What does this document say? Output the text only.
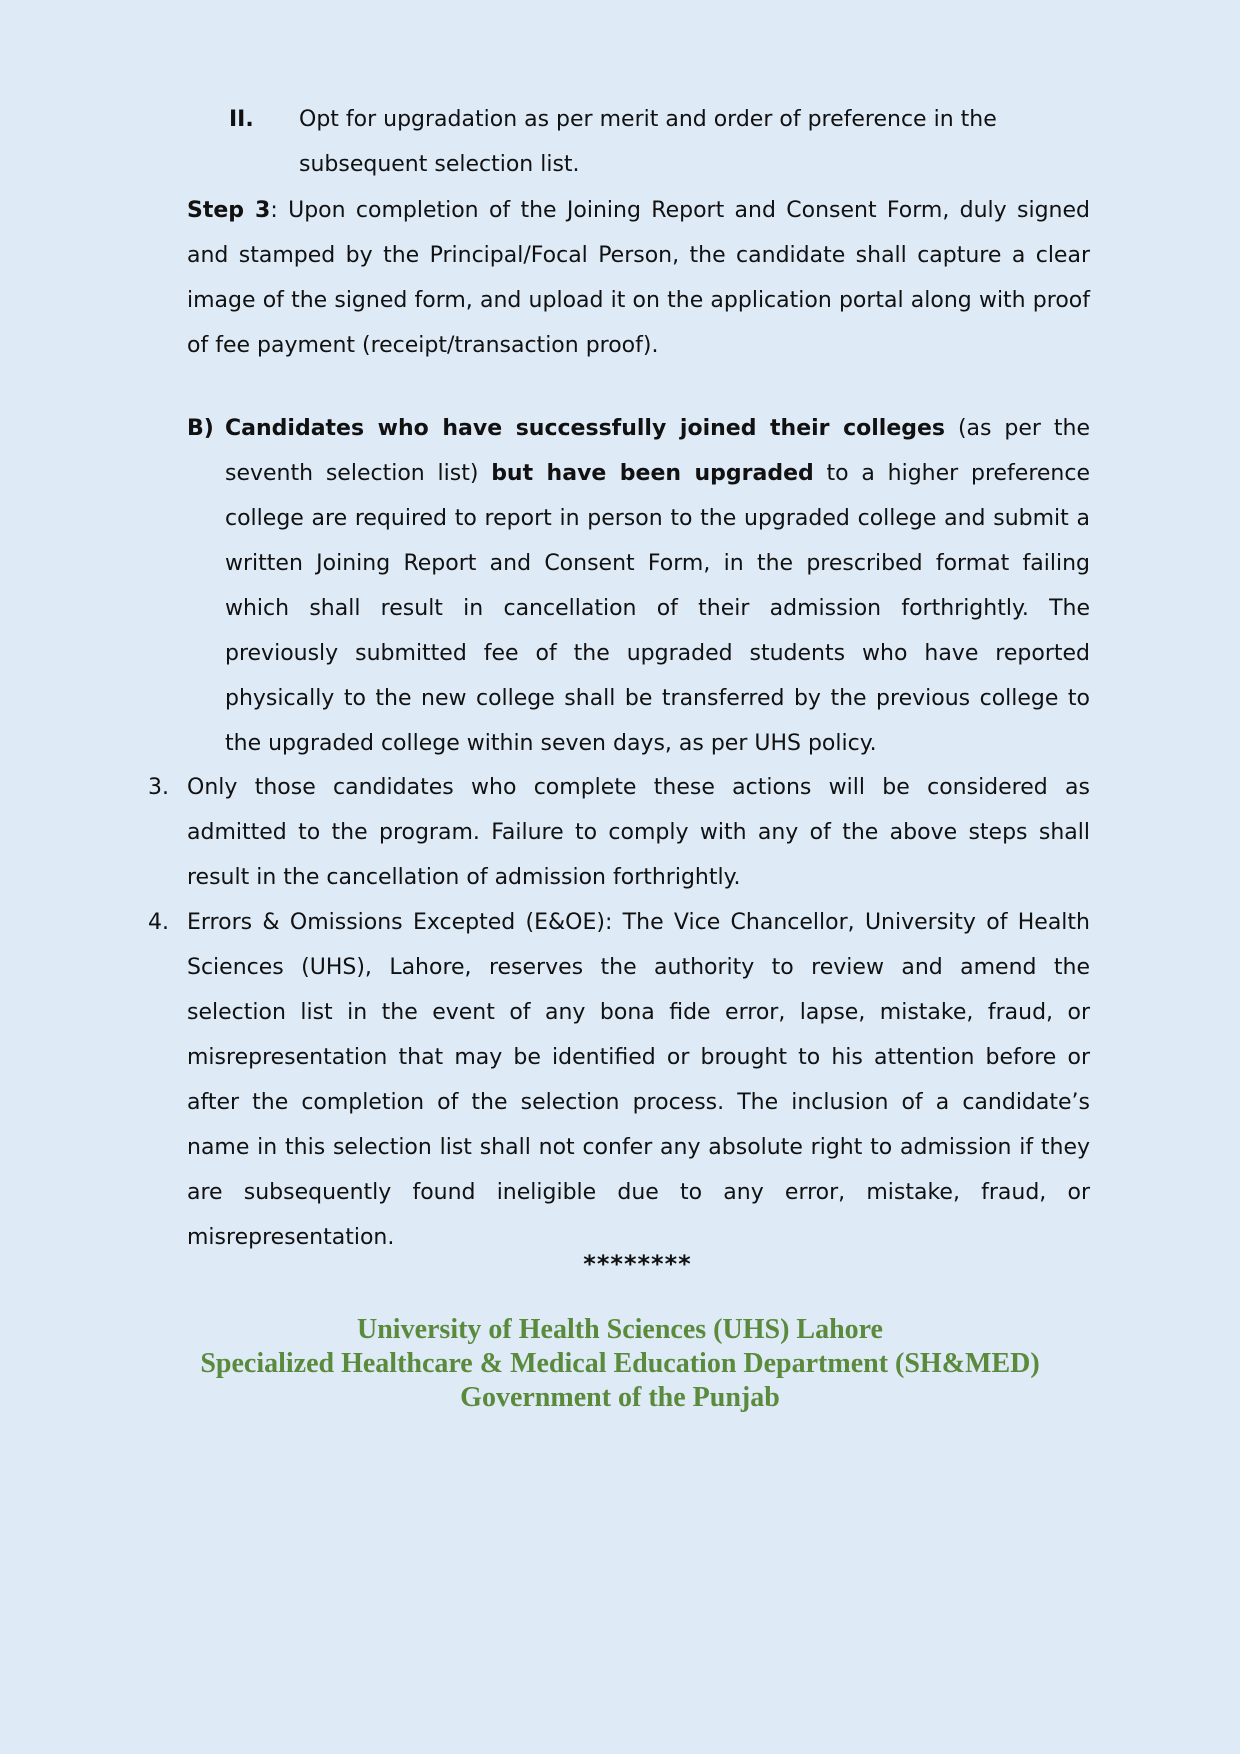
II. Opt for upgradation as per merit and order of preference in the subsequent selection list.

Step 3: Upon completion of the Joining Report and Consent Form, duly signed and stamped by the Principal/Focal Person, the candidate shall capture a clear image of the signed form, and upload it on the application portal along with proof of fee payment (receipt/transaction proof).

B) Candidates who have successfully joined their colleges (as per the seventh selection list) but have been upgraded to a higher preference college are required to report in person to the upgraded college and submit a written Joining Report and Consent Form, in the prescribed format failing which shall result in cancellation of their admission forthrightly. The previously submitted fee of the upgraded students who have reported physically to the new college shall be transferred by the previous college to the upgraded college within seven days, as per UHS policy.

3. Only those candidates who complete these actions will be considered as admitted to the program. Failure to comply with any of the above steps shall result in the cancellation of admission forthrightly.

4. Errors & Omissions Excepted (E&OE): The Vice Chancellor, University of Health Sciences (UHS), Lahore, reserves the authority to review and amend the selection list in the event of any bona fide error, lapse, mistake, fraud, or misrepresentation that may be identified or brought to his attention before or after the completion of the selection process. The inclusion of a candidate’s name in this selection list shall not confer any absolute right to admission if they are subsequently found ineligible due to any error, mistake, fraud, or misrepresentation.

********
University of Health Sciences (UHS) Lahore
Specialized Healthcare & Medical Education Department (SH&MED)
Government of the Punjab
